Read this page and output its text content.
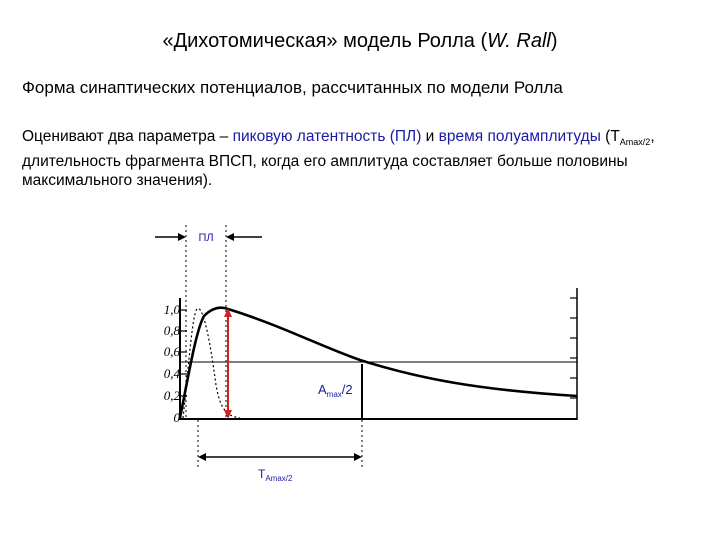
«Дихотомическая» модель Ролла (W. Rall)
Форма синаптических потенциалов, рассчитанных по модели Ролла
Оценивают два параметра – пиковую латентность (ПЛ) и время полуамплитуды ($T_{Amax/2}$, длительность фрагмента ВПСП, когда его амплитуда составляет больше половины максимального значения).
ПЛ
1,0
0,8
0,6
0,4
0,2
0
$A_{max}/2$
$T_{Amax/2}$
